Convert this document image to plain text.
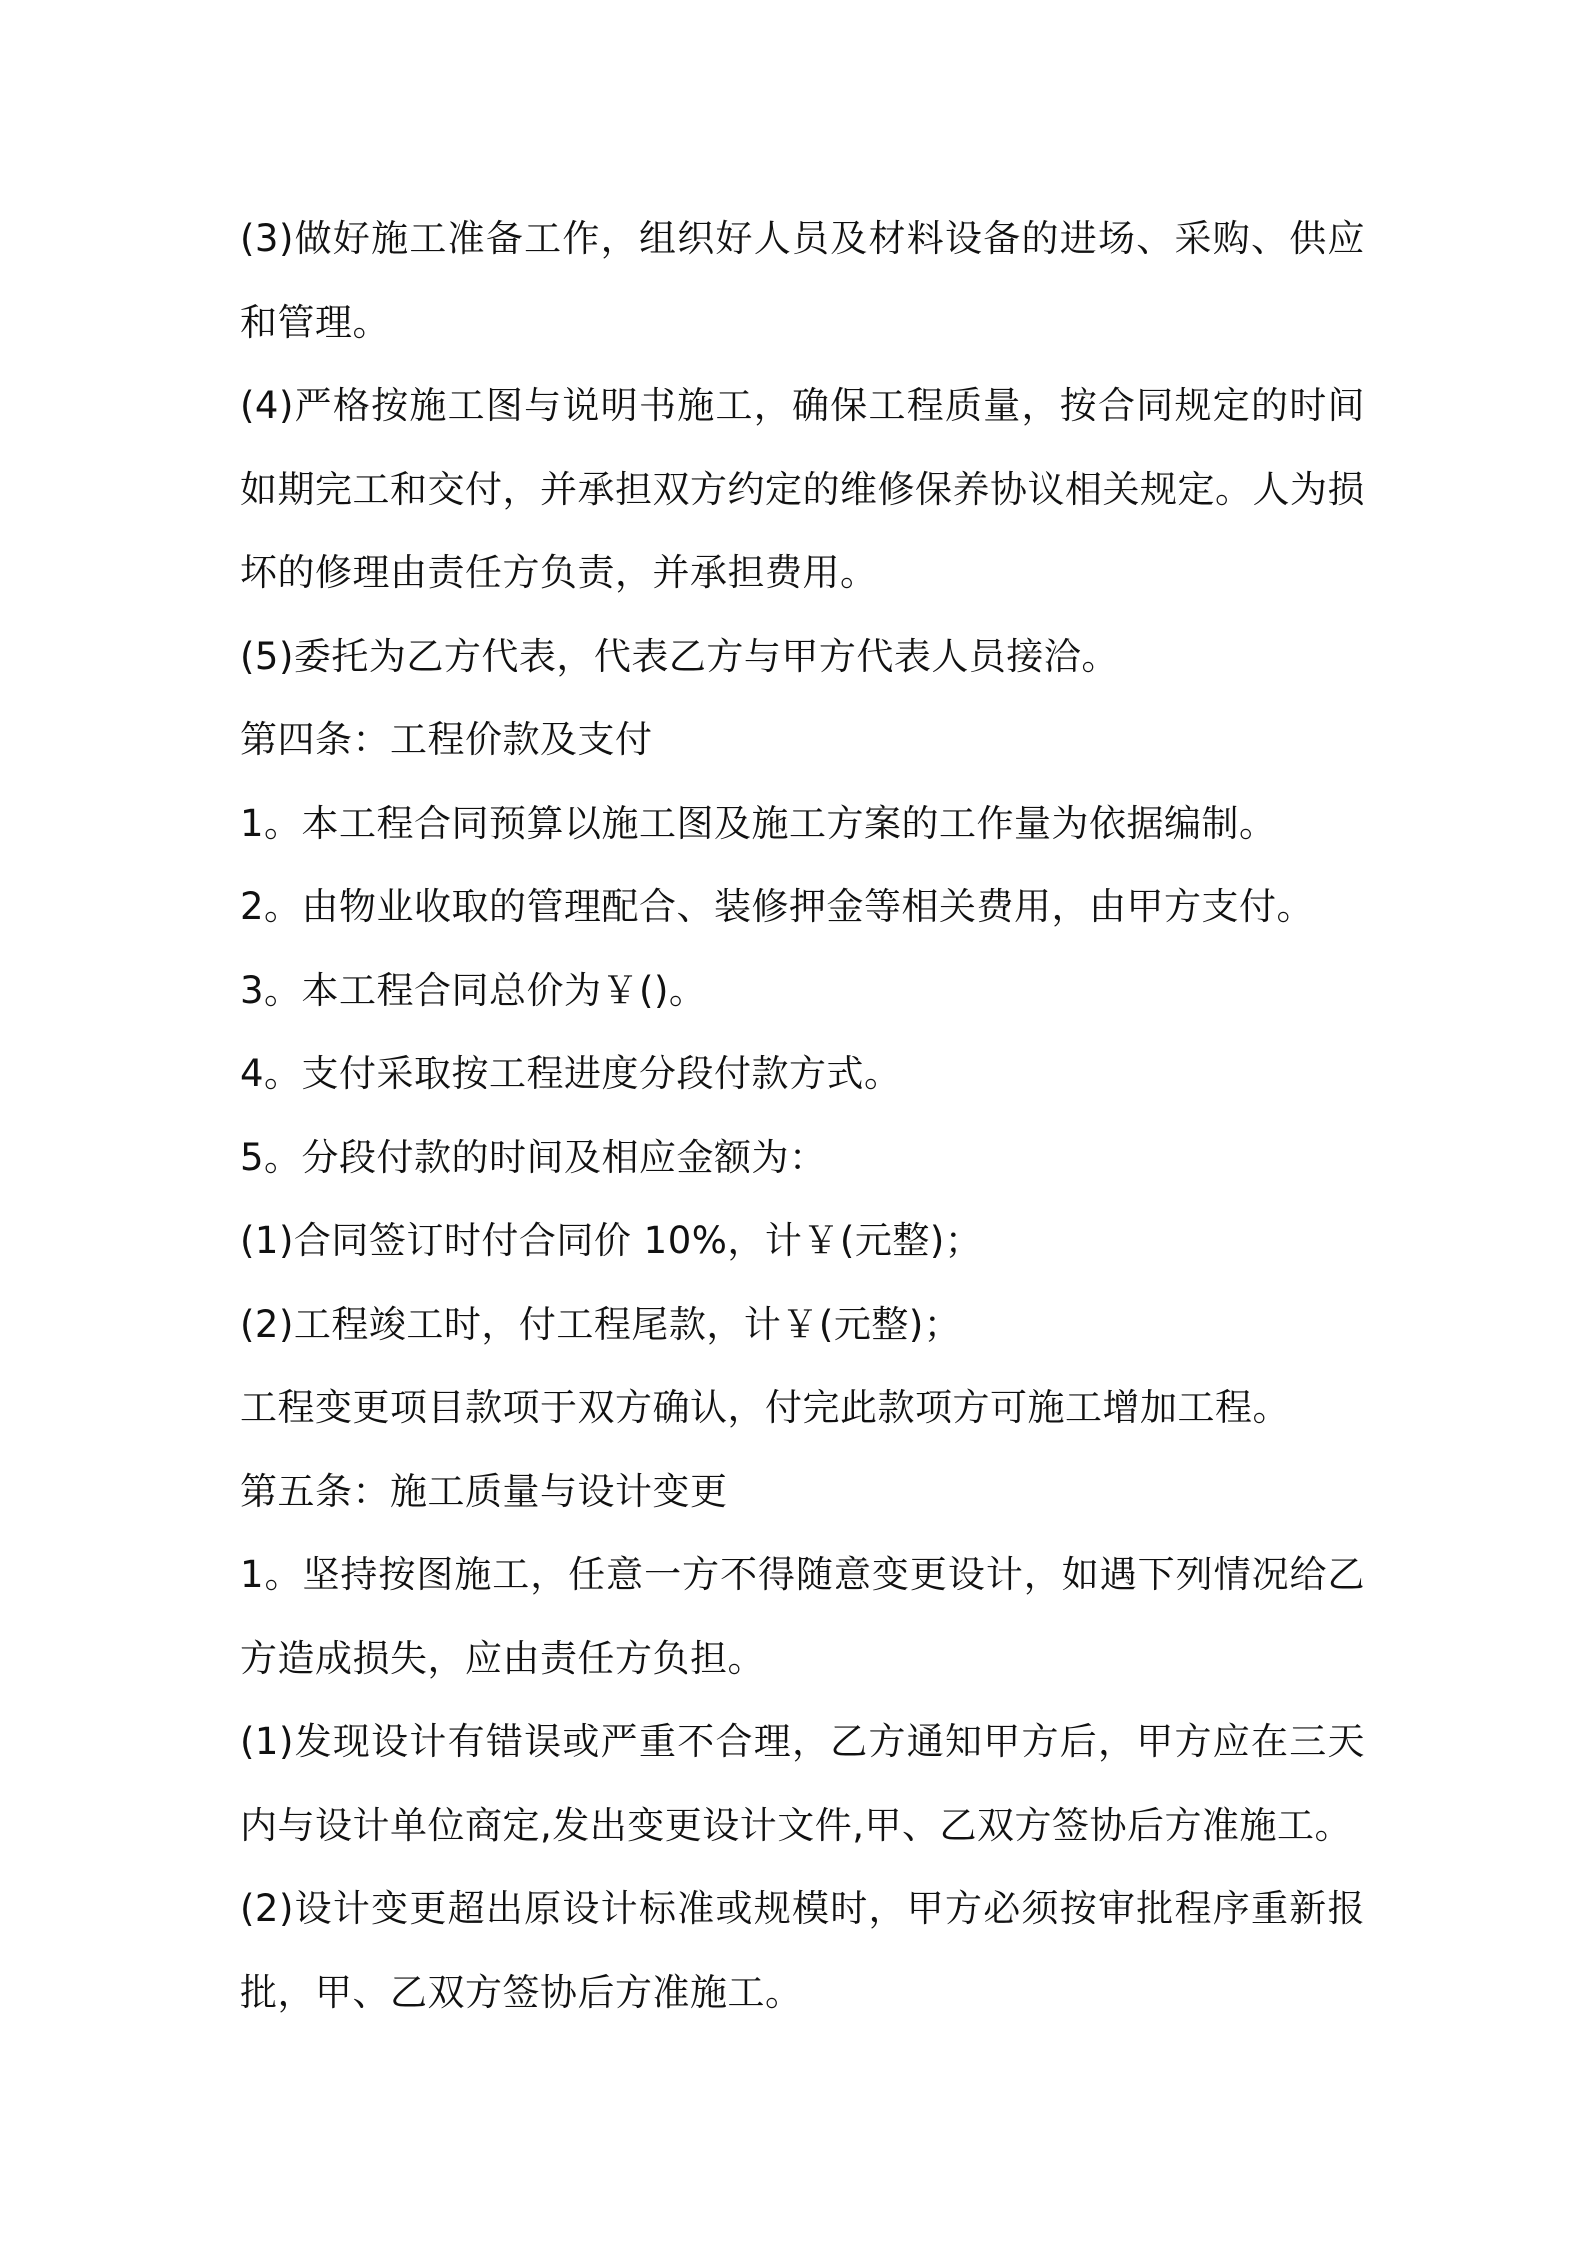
(3)做好施工准备工作，组织好人员及材料设备的进场、采购、供应和管理。

(4)严格按施工图与说明书施工，确保工程质量，按合同规定的时间如期完工和交付，并承担双方约定的维修保养协议相关规定。人为损坏的修理由责任方负责，并承担费用。

(5)委托为乙方代表，代表乙方与甲方代表人员接洽。

第四条：工程价款及支付

1。本工程合同预算以施工图及施工方案的工作量为依据编制。

2。由物业收取的管理配合、装修押金等相关费用，由甲方支付。

3。本工程合同总价为￥()。

4。支付采取按工程进度分段付款方式。

5。分段付款的时间及相应金额为：

(1)合同签订时付合同价 10%，计￥(元整)；

(2)工程竣工时，付工程尾款，计￥(元整)；

工程变更项目款项于双方确认，付完此款项方可施工增加工程。

第五条：施工质量与设计变更

1。坚持按图施工，任意一方不得随意变更设计，如遇下列情况给乙方造成损失，应由责任方负担。

(1)发现设计有错误或严重不合理，乙方通知甲方后，甲方应在三天内与设计单位商定,发出变更设计文件,甲、乙双方签协后方准施工。

(2)设计变更超出原设计标准或规模时，甲方必须按审批程序重新报批，甲、乙双方签协后方准施工。
